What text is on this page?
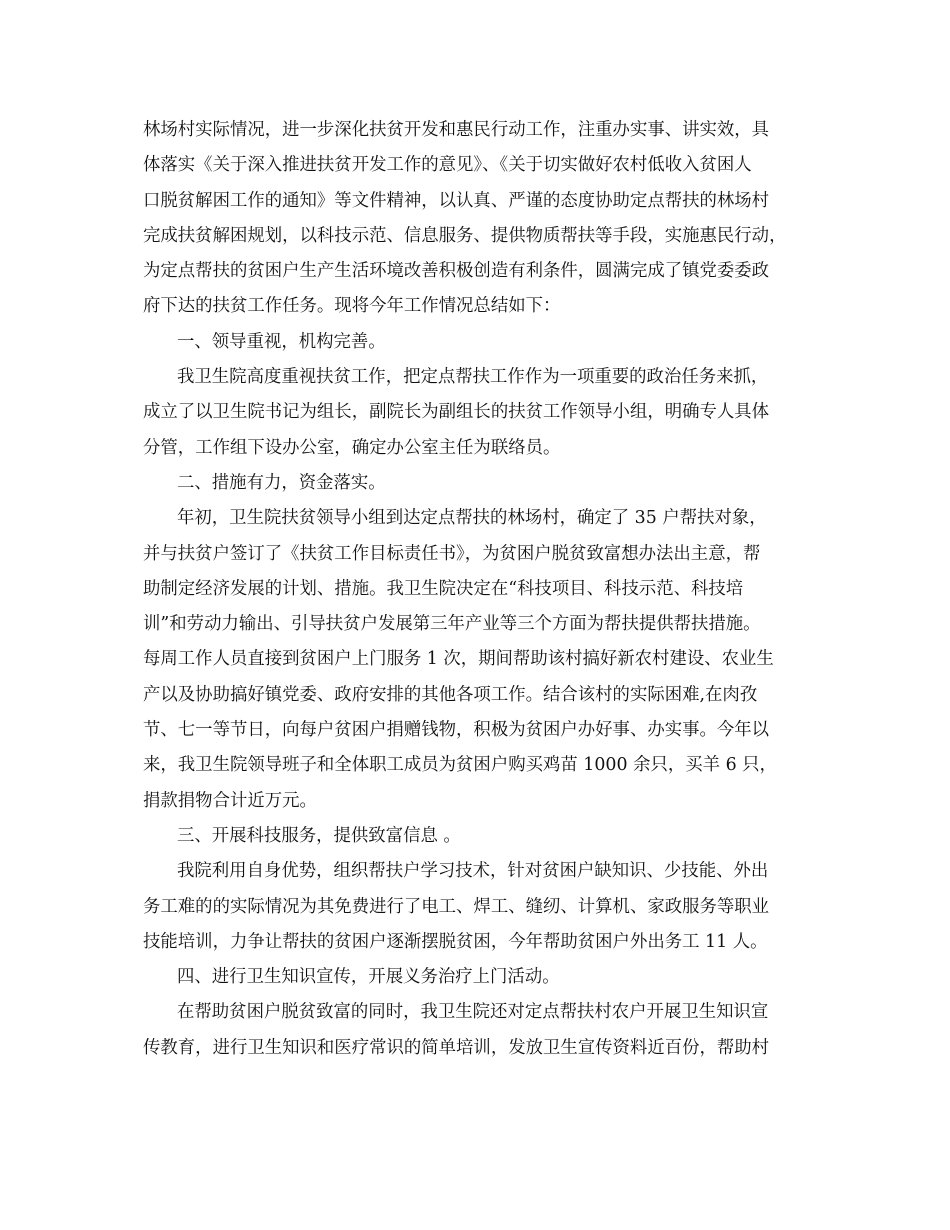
林场村实际情况，进一步深化扶贫开发和惠民行动工作，注重办实事、讲实效，具
体落实《关于深入推进扶贫开发工作的意见》、《关于切实做好农村低收入贫困人
口脱贫解困工作的通知》等文件精神，以认真、严谨的态度协助定点帮扶的林场村
完成扶贫解困规划，以科技示范、信息服务、提供物质帮扶等手段，实施惠民行动，
为定点帮扶的贫困户生产生活环境改善积极创造有利条件，圆满完成了镇党委委政
府下达的扶贫工作任务。现将今年工作情况总结如下：
一、领导重视，机构完善。
我卫生院高度重视扶贫工作，把定点帮扶工作作为一项重要的政治任务来抓，
成立了以卫生院书记为组长，副院长为副组长的扶贫工作领导小组，明确专人具体
分管，工作组下设办公室，确定办公室主任为联络员。
二、措施有力，资金落实。
年初，卫生院扶贫领导小组到达定点帮扶的林场村，确定了 35 户帮扶对象，
并与扶贫户签订了《扶贫工作目标责任书》，为贫困户脱贫致富想办法出主意，帮
助制定经济发展的计划、措施。我卫生院决定在“科技项目、科技示范、科技培
训”和劳动力输出、引导扶贫户发展第三年产业等三个方面为帮扶提供帮扶措施。
每周工作人员直接到贫困户上门服务 1 次，期间帮助该村搞好新农村建设、农业生
产以及协助搞好镇党委、政府安排的其他各项工作。结合该村的实际困难,在肉孜
节、七一等节日，向每户贫困户捐赠钱物，积极为贫困户办好事、办实事。今年以
来，我卫生院领导班子和全体职工成员为贫困户购买鸡苗 1000 余只，买羊 6 只，
捐款捐物合计近万元。
三、开展科技服务，提供致富信息 。
我院利用自身优势，组织帮扶户学习技术，针对贫困户缺知识、少技能、外出
务工难的的实际情况为其免费进行了电工、焊工、缝纫、计算机、家政服务等职业
技能培训，力争让帮扶的贫困户逐渐摆脱贫困，今年帮助贫困户外出务工 11 人。
四、进行卫生知识宣传，开展义务治疗上门活动。
在帮助贫困户脱贫致富的同时，我卫生院还对定点帮扶村农户开展卫生知识宣
传教育，进行卫生知识和医疗常识的简单培训，发放卫生宣传资料近百份，帮助村
